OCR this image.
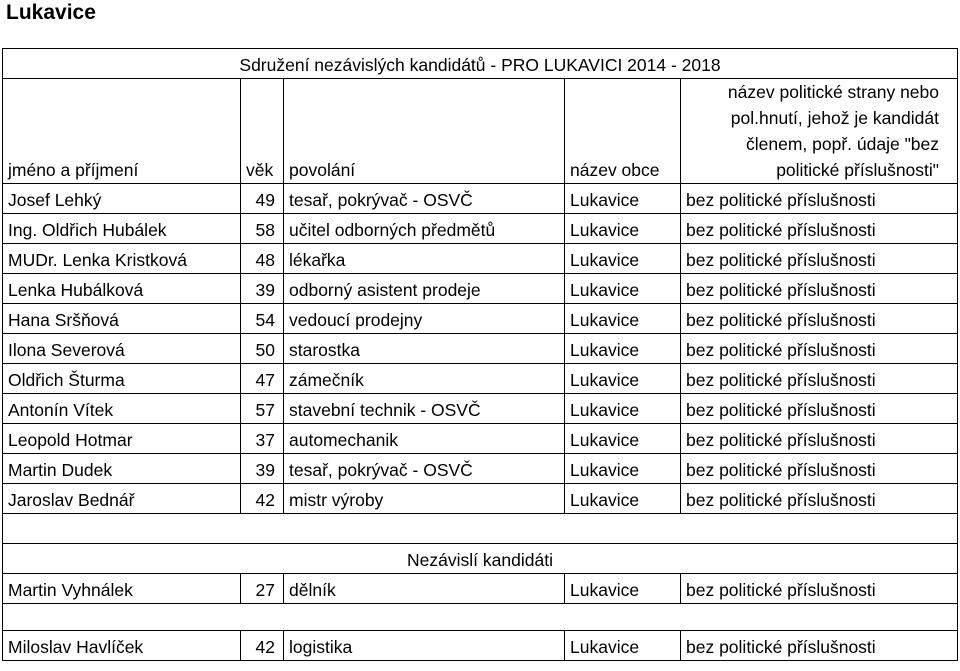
Lukavice
Sdružení nezávislých kandidátů - PRO LUKAVICI 2014 - 2018				
jméno a příjmení	věk	povolání	název obce	název politické strany nebo pol.hnutí, jehož je kandidát členem, popř. údaje "bez politické příslušnosti"
Josef Lehký	49	tesař, pokrývač - OSVČ	Lukavice	bez politické příslušnosti
Ing. Oldřich Hubálek	58	učitel odborných předmětů	Lukavice	bez politické příslušnosti
MUDr. Lenka Kristková	48	lékařka	Lukavice	bez politické příslušnosti
Lenka Hubálková	39	odborný asistent prodeje	Lukavice	bez politické příslušnosti
Hana Sršňová	54	vedoucí prodejny	Lukavice	bez politické příslušnosti
Ilona Severová	50	starostka	Lukavice	bez politické příslušnosti
Oldřich Šturma	47	zámečník	Lukavice	bez politické příslušnosti
Antonín Vítek	57	stavební technik - OSVČ	Lukavice	bez politické příslušnosti
Leopold Hotmar	37	automechanik	Lukavice	bez politické příslušnosti
Martin Dudek	39	tesař, pokrývač - OSVČ	Lukavice	bez politické příslušnosti
Jaroslav Bednář	42	mistr výroby	Lukavice	bez politické příslušnosti

Nezávislí kandidáti				
Martin Vyhnálek	27	dělník	Lukavice	bez politické příslušnosti

Miloslav Havlíček	42	logistika	Lukavice	bez politické příslušnosti
